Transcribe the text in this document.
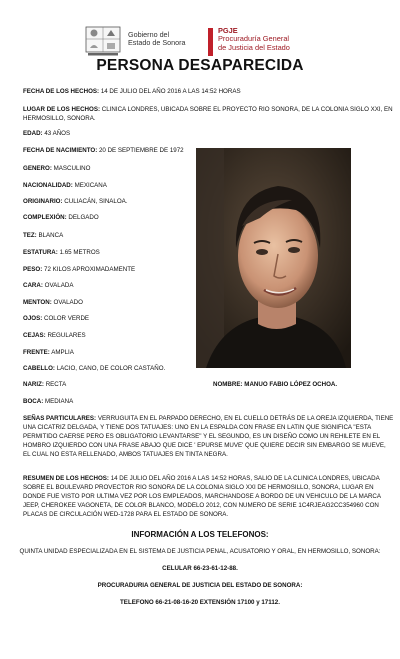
Gobierno del
Estado de Sonora
PGJE
Procuraduría General
de Justicia del Estado
PERSONA DESAPARECIDA
FECHA DE LOS HECHOS: 14 DE JULIO DEL AÑO 2016 A LAS 14:52 HORAS
LUGAR DE LOS HECHOS: CLINICA LONDRES, UBICADA SOBRE EL PROYECTO RIO SONORA, DE LA COLONIA SIGLO XXI, EN
HERMOSILLO, SONORA.
EDAD: 43 AÑOS
FECHA DE NACIMIENTO: 20 DE SEPTIEMBRE DE 1972
GENERO: MASCULINO
NACIONALIDAD: MEXICANA
ORIGINARIO: CULIACÁN, SINALOA.
COMPLEXIÓN: DELGADO
TEZ: BLANCA
ESTATURA: 1.65 METROS
PESO: 72 KILOS APROXIMADAMENTE
CARA: OVALADA
MENTON: OVALADO
OJOS: COLOR VERDE
CEJAS: REGULARES
FRENTE: AMPLIA
CABELLO: LACIO, CANO, DE COLOR CASTAÑO.
NARIZ: RECTA	NOMBRE: MANUO FABIO LÓPEZ OCHOA.
BOCA: MEDIANA
SEÑAS PARTICULARES: VERRUGUITA EN EL PARPADO DERECHO, EN EL CUELLO DETRÁS DE LA OREJA IZQUIERDA, TIENE
UNA CICATRIZ DELGADA, Y TIENE DOS TATUAJES: UNO EN LA ESPALDA CON FRASE EN LATIN QUE SIGNIFICA "ESTA
PERMITIDO CAERSE PERO ES OBLIGATORIO LEVANTARSE" Y EL SEGUNDO, ES UN DISEÑO COMO UN REHILETE EN EL
HOMBRO IZQUIERDO CON UNA FRASE ABAJO QUE DICE ' EPURSE MUVE' QUE QUIERE DECIR SIN EMBARGO SE MUEVE,
EL CUAL NO ESTA RELLENADO, AMBOS TATUAJES EN TINTA NEGRA.
RESUMEN DE LOS HECHOS: 14 DE JULIO DEL AÑO 2016 A LAS 14:52 HORAS, SALIO DE LA CLINICA LONDRES, UBICADA
SOBRE EL BOULEVARD PROVECTOR RIO SONORA DE LA COLONIA SIGLO XXI DE HERMOSILLO, SONORA, LUGAR EN
DONDE FUE VISTO POR ULTIMA VEZ POR LOS EMPLEADOS, MARCHANDOSE A BORDO DE UN VEHICULO DE LA MARCA
JEEP, CHEROKEE VAGONETA, DE COLOR BLANCO, MODELO 2012, CON NUMERO DE SERIE 1C4RJEAG2CC354960 CON
PLACAS DE CIRCULACIÓN WED-1728 PARA EL ESTADO DE SONORA.
INFORMACIÓN A LOS TELEFONOS:
QUINTA UNIDAD ESPECIALIZADA EN EL SISTEMA DE JUSTICIA PENAL, ACUSATORIO Y ORAL, EN HERMOSILLO, SONORA:
CELULAR 66-23-61-12-88.
PROCURADURIA GENERAL DE JUSTICIA DEL ESTADO DE SONORA:
TELEFONO 66-21-08-16-20 EXTENSIÓN 17100 y 17112.
